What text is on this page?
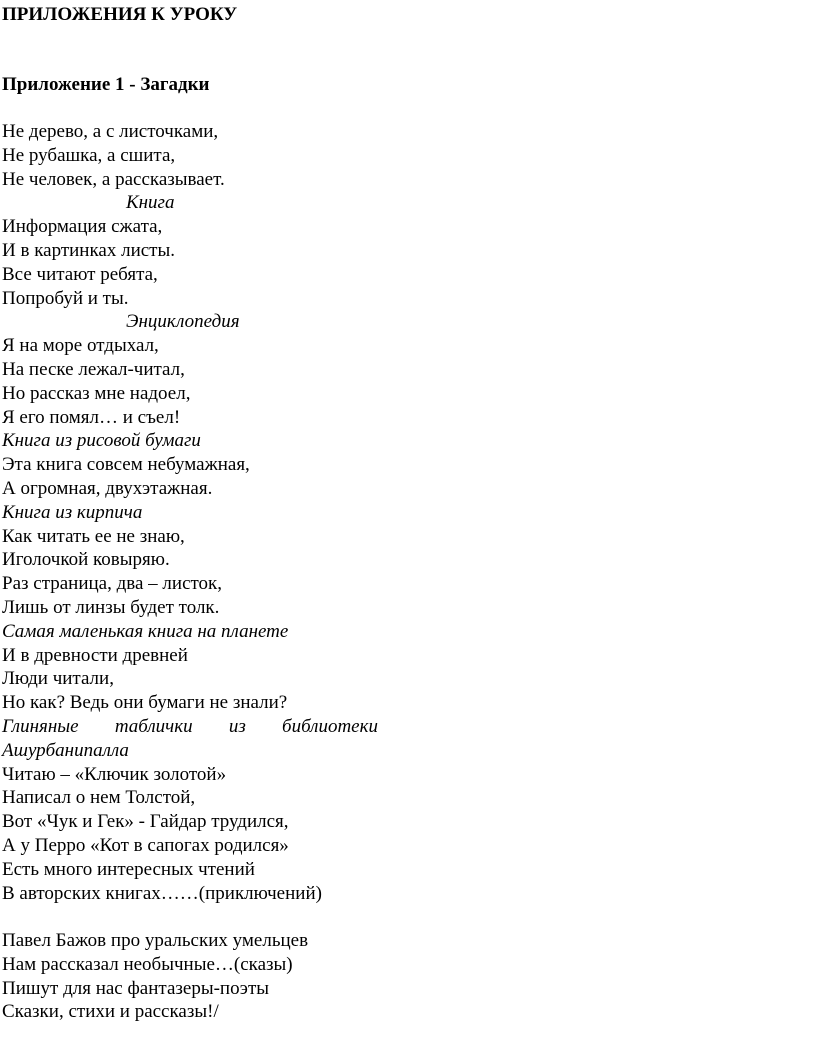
ПРИЛОЖЕНИЯ К УРОКУ
Приложение 1 - Загадки
Не дерево, а с листочками,
Не рубашка, а сшита,
Не человек, а рассказывает.
Книга
Информация сжата,
И в картинках листы.
Все читают ребята,
Попробуй и ты.
Энциклопедия
Я на море отдыхал,
На песке лежал-читал,
Но рассказ мне надоел,
Я его помял… и съел!
Книга из рисовой бумаги
Эта книга совсем небумажная,
А огромная, двухэтажная.
Книга из кирпича
Как читать ее не знаю,
Иголочкой ковыряю.
Раз страница, два – листок,
Лишь от линзы будет толк.
Самая маленькая книга на планете
И в древности древней
Люди читали,
Но как? Ведь они бумаги не знали?
Глиняные таблички из библиотеки
Ашурбанипалла
Читаю – «Ключик золотой»
Написал о нем Толстой,
Вот «Чук и Гек» - Гайдар трудился,
А у Перро «Кот в сапогах родился»
Есть много интересных чтений
В авторских книгах……(приключений)
Павел Бажов про уральских умельцев
Нам рассказал необычные…(сказы)
Пишут для нас фантазеры-поэты
Сказки, стихи и рассказы!/
